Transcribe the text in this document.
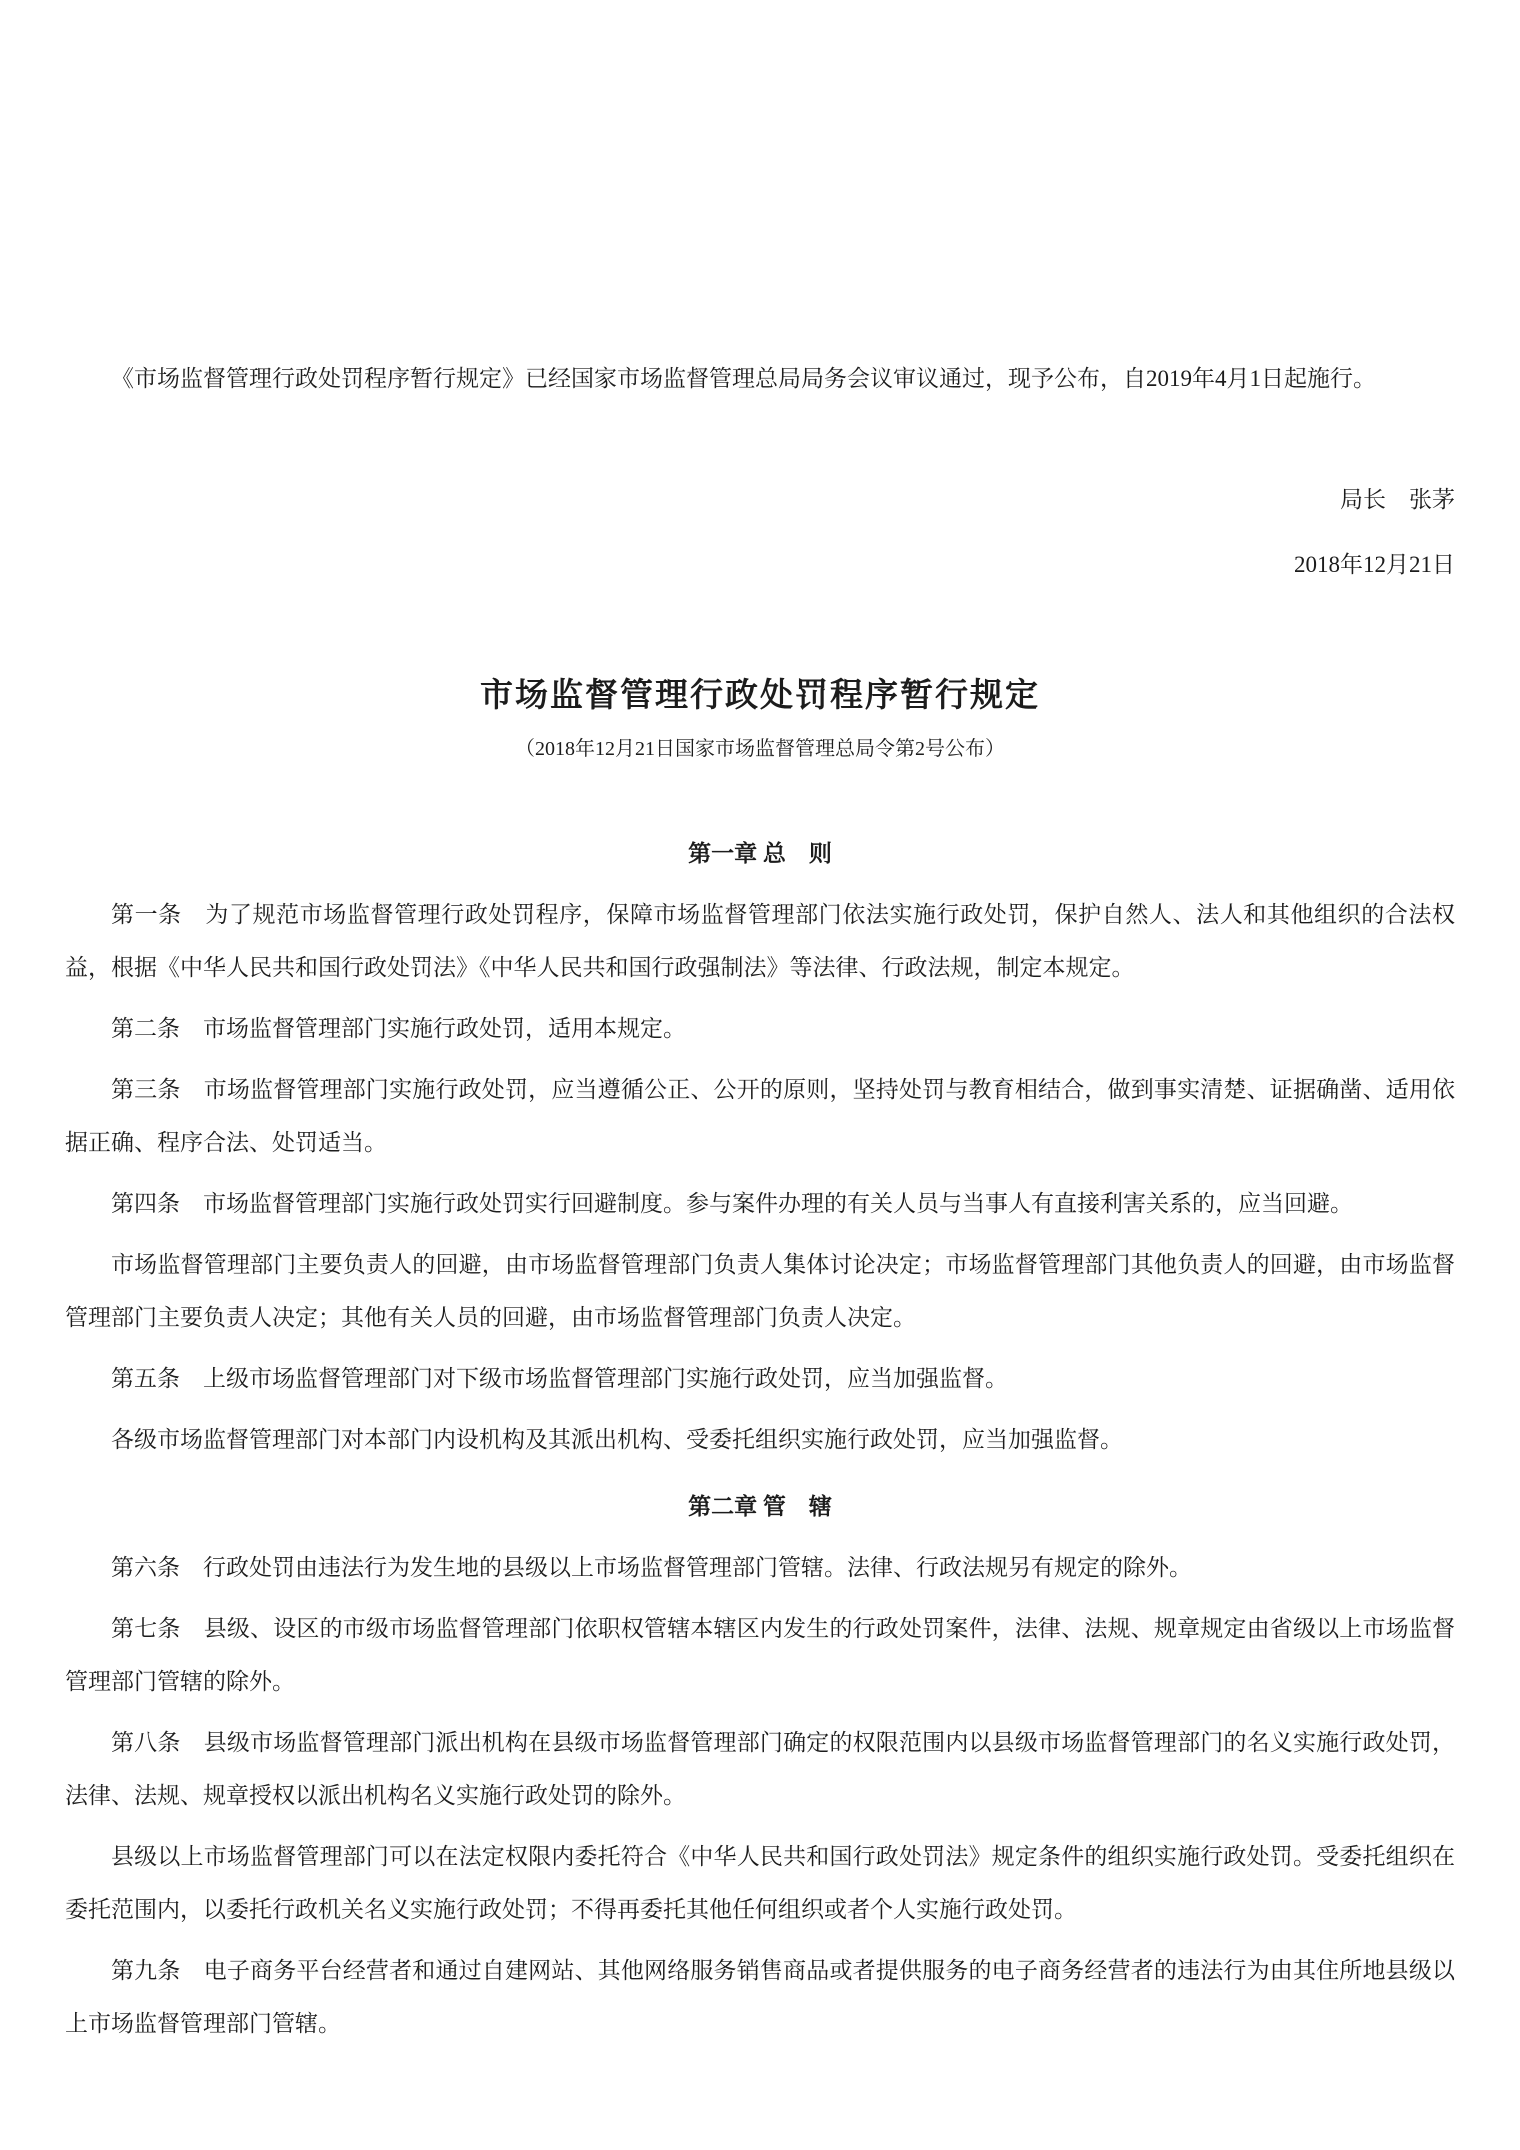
《市场监督管理行政处罚程序暂行规定》已经国家市场监督管理总局局务会议审议通过，现予公布，自2019年4月1日起施行。

局长　张茅

2018年12月21日

市场监督管理行政处罚程序暂行规定

（2018年12月21日国家市场监督管理总局令第2号公布）

第一章 总　则

第一条　为了规范市场监督管理行政处罚程序，保障市场监督管理部门依法实施行政处罚，保护自然人、法人和其他组织的合法权益，根据《中华人民共和国行政处罚法》《中华人民共和国行政强制法》等法律、行政法规，制定本规定。

第二条　市场监督管理部门实施行政处罚，适用本规定。

第三条　市场监督管理部门实施行政处罚，应当遵循公正、公开的原则，坚持处罚与教育相结合，做到事实清楚、证据确凿、适用依据正确、程序合法、处罚适当。

第四条　市场监督管理部门实施行政处罚实行回避制度。参与案件办理的有关人员与当事人有直接利害关系的，应当回避。

市场监督管理部门主要负责人的回避，由市场监督管理部门负责人集体讨论决定；市场监督管理部门其他负责人的回避，由市场监督管理部门主要负责人决定；其他有关人员的回避，由市场监督管理部门负责人决定。

第五条　上级市场监督管理部门对下级市场监督管理部门实施行政处罚，应当加强监督。

各级市场监督管理部门对本部门内设机构及其派出机构、受委托组织实施行政处罚，应当加强监督。

第二章 管　辖

第六条　行政处罚由违法行为发生地的县级以上市场监督管理部门管辖。法律、行政法规另有规定的除外。

第七条　县级、设区的市级市场监督管理部门依职权管辖本辖区内发生的行政处罚案件，法律、法规、规章规定由省级以上市场监督管理部门管辖的除外。

第八条　县级市场监督管理部门派出机构在县级市场监督管理部门确定的权限范围内以县级市场监督管理部门的名义实施行政处罚，法律、法规、规章授权以派出机构名义实施行政处罚的除外。

县级以上市场监督管理部门可以在法定权限内委托符合《中华人民共和国行政处罚法》规定条件的组织实施行政处罚。受委托组织在委托范围内，以委托行政机关名义实施行政处罚；不得再委托其他任何组织或者个人实施行政处罚。

第九条　电子商务平台经营者和通过自建网站、其他网络服务销售商品或者提供服务的电子商务经营者的违法行为由其住所地县级以上市场监督管理部门管辖。
